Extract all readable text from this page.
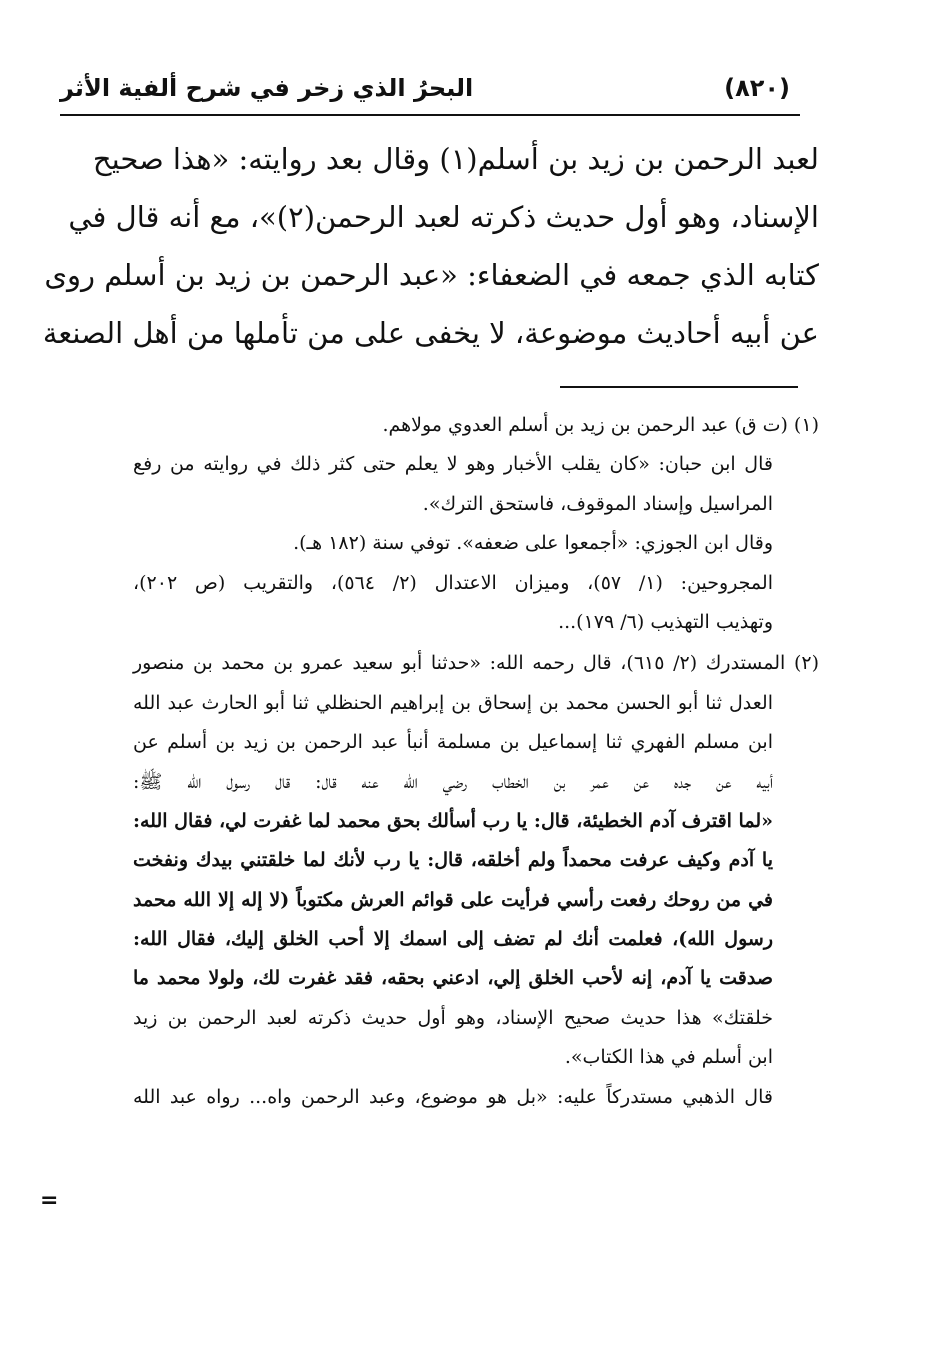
(٨٢٠)
البحرُ الذي زخر في شرح ألفية الأثر
لعبد الرحمن بن زيد بن أسلم(١) وقال بعد روايته: «هذا صحيح
الإسناد، وهو أول حديث ذكرته لعبد الرحمن(٢)»، مع أنه قال في
كتابه الذي جمعه في الضعفاء: «عبد الرحمن بن زيد بن أسلم روى
عن أبيه أحاديث موضوعة، لا يخفى على من تأملها من أهل الصنعة
(١) (ت ق) عبد الرحمن بن زيد بن أسلم العدوي مولاهم.
قال ابن حبان: «كان يقلب الأخبار وهو لا يعلم حتى كثر ذلك في روايته من رفع
المراسيل وإسناد الموقوف، فاستحق الترك».
وقال ابن الجوزي: «أجمعوا على ضعفه». توفي سنة (١٨٢ هـ).
المجروحين: (١/ ٥٧)، وميزان الاعتدال (٢/ ٥٦٤)، والتقريب (ص ٢٠٢)،
وتهذيب التهذيب (٦/ ١٧٩)...
(٢) المستدرك (٢/ ٦١٥)، قال رحمه الله: «حدثنا أبو سعيد عمرو بن محمد بن منصور
العدل ثنا أبو الحسن محمد بن إسحاق بن إبراهيم الحنظلي ثنا أبو الحارث عبد الله
ابن مسلم الفهري ثنا إسماعيل بن مسلمة أنبأ عبد الرحمن بن زيد بن أسلم عن
أبيه عن جده عن عمر بن الخطاب رضي الله عنه قال: قال رسول الله ﷺ:
«لما اقترف آدم الخطيئة، قال: يا رب أسألك بحق محمد لما غفرت لي، فقال الله:
يا آدم وكيف عرفت محمداً ولم أخلقه، قال: يا رب لأنك لما خلقتني بيدك ونفخت
في من روحك رفعت رأسي فرأيت على قوائم العرش مكتوباً (لا إله إلا الله محمد
رسول الله)، فعلمت أنك لم تضف إلى اسمك إلا أحب الخلق إليك، فقال الله:
صدقت يا آدم، إنه لأحب الخلق إلي، ادعني بحقه، فقد غفرت لك، ولولا محمد ما
خلقتك» هذا حديث صحيح الإسناد، وهو أول حديث ذكرته لعبد الرحمن بن زيد
ابن أسلم في هذا الكتاب».
قال الذهبي مستدركاً عليه: «بل هو موضوع، وعبد الرحمن واه... رواه عبد الله
=
